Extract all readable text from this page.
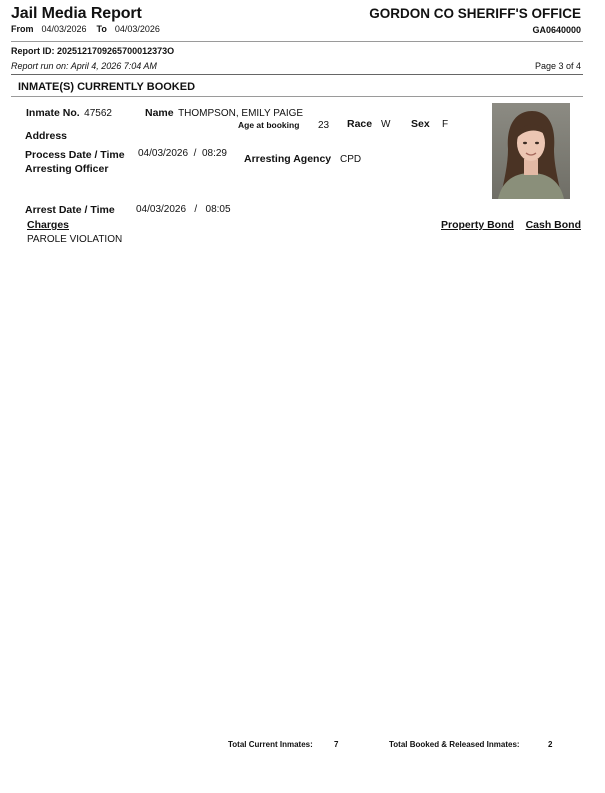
Jail Media Report	GORDON CO SHERIFF'S OFFICE
GA0640000
From 04/03/2026 To 04/03/2026
Report ID: 2025121709265700012373O
Report run on: April 4, 2026 7:04 AM	Page 3 of 4
INMATE(S) CURRENTLY BOOKED
Inmate No. 47562	Name THOMPSON, EMILY PAIGE
Age at booking 23 Race W Sex F
Address
Process Date / Time 04/03/2026 / 08:29 Arresting Agency CPD
Arresting Officer
Arrest Date / Time 04/03/2026 / 08:05
Charges	Property Bond Cash Bond
PAROLE VIOLATION
Total Current Inmates:	7	Total Booked & Released Inmates:	2
